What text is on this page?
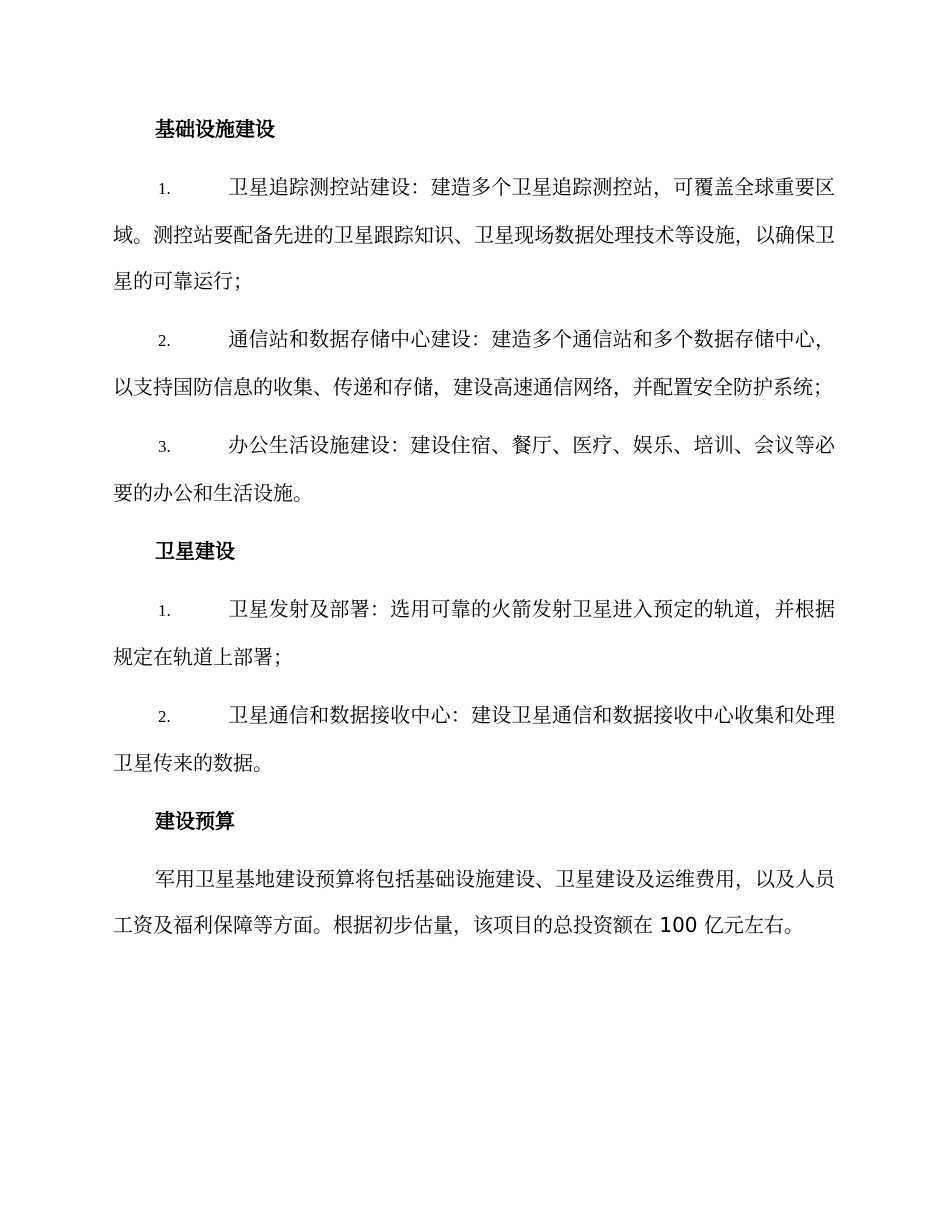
基础设施建设

1.	卫星追踪测控站建设：建造多个卫星追踪测控站，可覆盖全球重要区域。测控站要配备先进的卫星跟踪知识、卫星现场数据处理技术等设施，以确保卫星的可靠运行；

2.	通信站和数据存储中心建设：建造多个通信站和多个数据存储中心，以支持国防信息的收集、传递和存储，建设高速通信网络，并配置安全防护系统；

3.	办公生活设施建设：建设住宿、餐厅、医疗、娱乐、培训、会议等必要的办公和生活设施。

卫星建设

1.	卫星发射及部署：选用可靠的火箭发射卫星进入预定的轨道，并根据规定在轨道上部署；

2.	卫星通信和数据接收中心：建设卫星通信和数据接收中心收集和处理卫星传来的数据。

建设预算

军用卫星基地建设预算将包括基础设施建设、卫星建设及运维费用，以及人员工资及福利保障等方面。根据初步估量，该项目的总投资额在 100 亿元左右。
